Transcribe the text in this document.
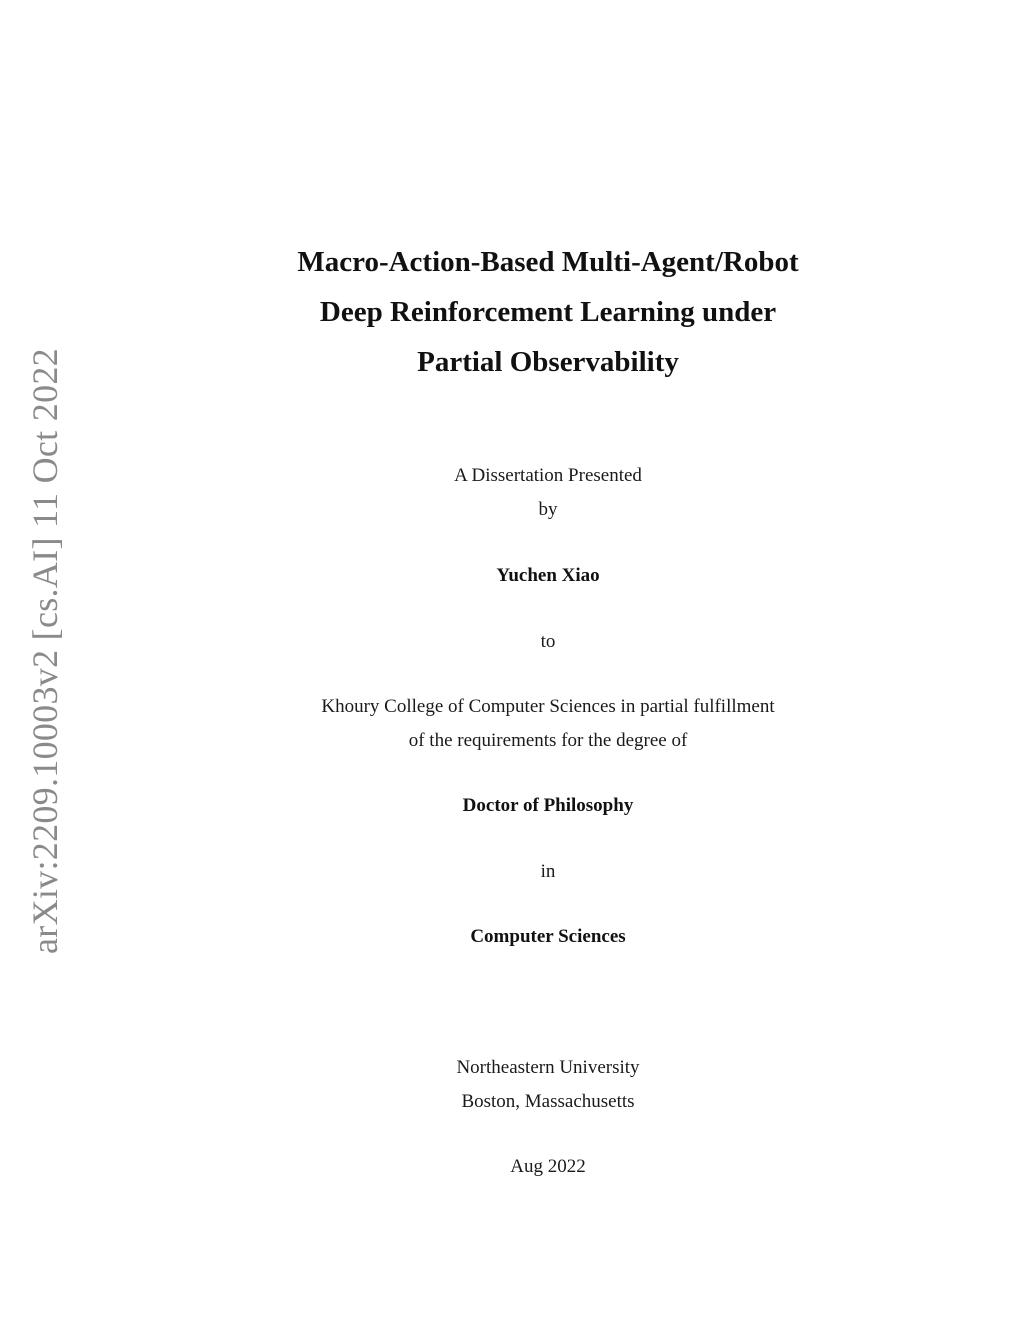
arXiv:2209.10003v2 [cs.AI] 11 Oct 2022
Macro-Action-Based Multi-Agent/Robot
Deep Reinforcement Learning under
Partial Observability
A Dissertation Presented
by
Yuchen Xiao
to
Khoury College of Computer Sciences in partial fulfillment
of the requirements for the degree of
Doctor of Philosophy
in
Computer Sciences
Northeastern University
Boston, Massachusetts
Aug 2022
